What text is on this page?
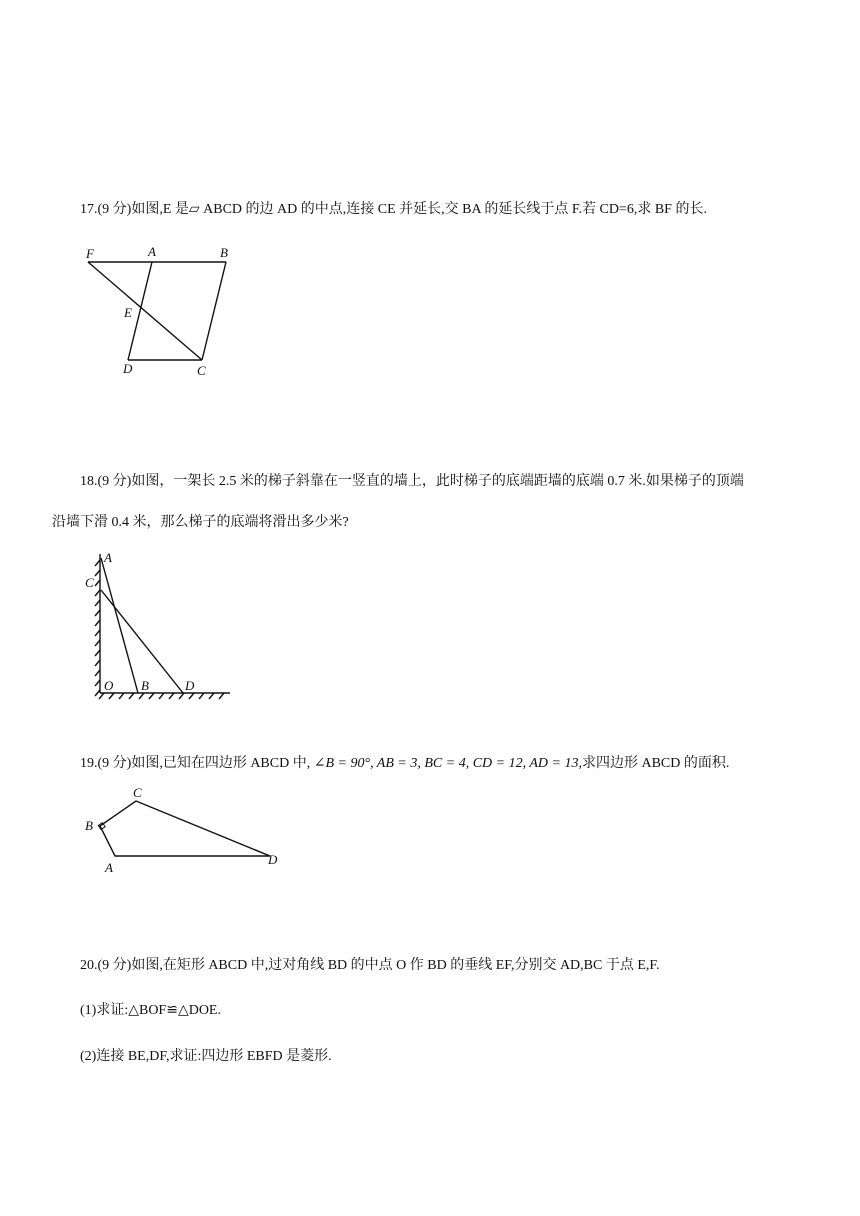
17.(9 分)如图,E 是▱ ABCD 的边 AD 的中点,连接 CE 并延长,交 BA 的延长线于点 F.若 CD=6,求 BF 的长.
F	A	B
E
D	C
18.(9 分)如图，一架长 2.5 米的梯子斜靠在一竖直的墙上，此时梯子的底端距墙的底端 0.7 米.如果梯子的顶端
沿墙下滑 0.4 米，那么梯子的底端将滑出多少米?
A
C
O B	D
19.(9 分)如图,已知在四边形 ABCD 中, ∠B = 90°, AB = 3, BC = 4, CD = 12, AD = 13,求四边形 ABCD 的面积.
C
B
A
D
20.(9 分)如图,在矩形 ABCD 中,过对角线 BD 的中点 O 作 BD 的垂线 EF,分别交 AD,BC 于点 E,F.
(1)求证:△BOF≌△DOE.
(2)连接 BE,DF,求证:四边形 EBFD 是菱形.
